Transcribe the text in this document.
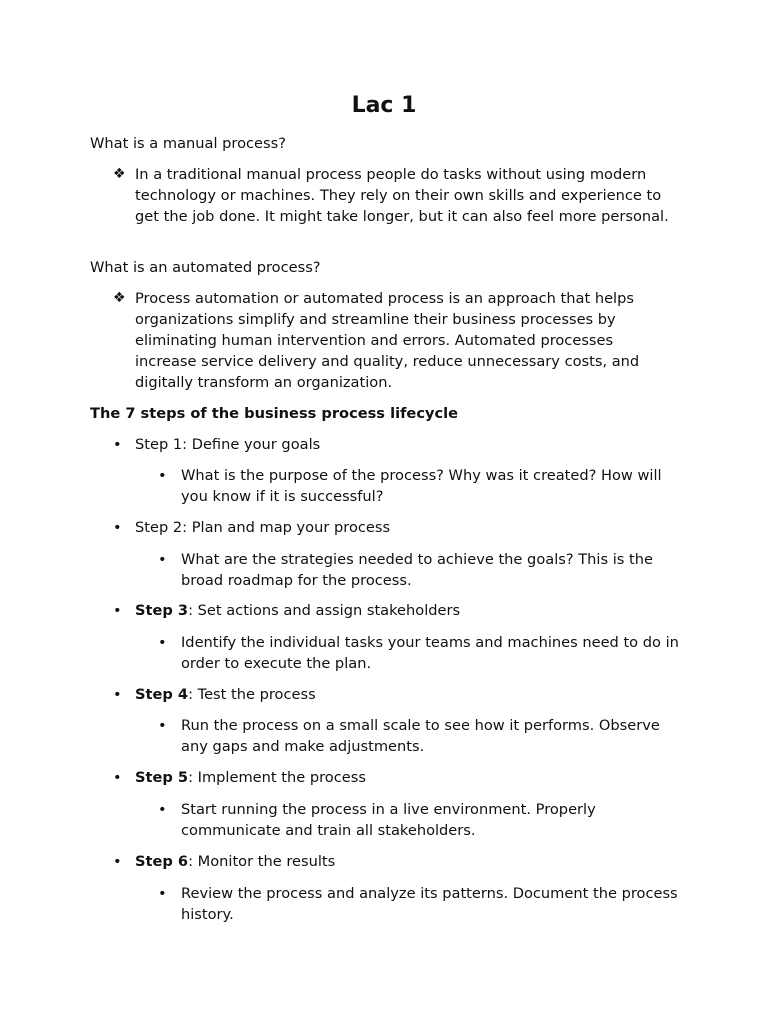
Lac 1

What is a manual process?

❖ In a traditional manual process people do tasks without using modern technology or machines. They rely on their own skills and experience to get the job done. It might take longer, but it can also feel more personal.

What is an automated process?

❖ Process automation or automated process is an approach that helps organizations simplify and streamline their business processes by eliminating human intervention and errors. Automated processes increase service delivery and quality, reduce unnecessary costs, and digitally transform an organization.

The 7 steps of the business process lifecycle

• Step 1: Define your goals
• What is the purpose of the process? Why was it created? How will you know if it is successful?
• Step 2: Plan and map your process
• What are the strategies needed to achieve the goals? This is the broad roadmap for the process.
• Step 3: Set actions and assign stakeholders
• Identify the individual tasks your teams and machines need to do in order to execute the plan.
• Step 4: Test the process
• Run the process on a small scale to see how it performs. Observe any gaps and make adjustments.
• Step 5: Implement the process
• Start running the process in a live environment. Properly communicate and train all stakeholders.
• Step 6: Monitor the results
• Review the process and analyze its patterns. Document the process history.
